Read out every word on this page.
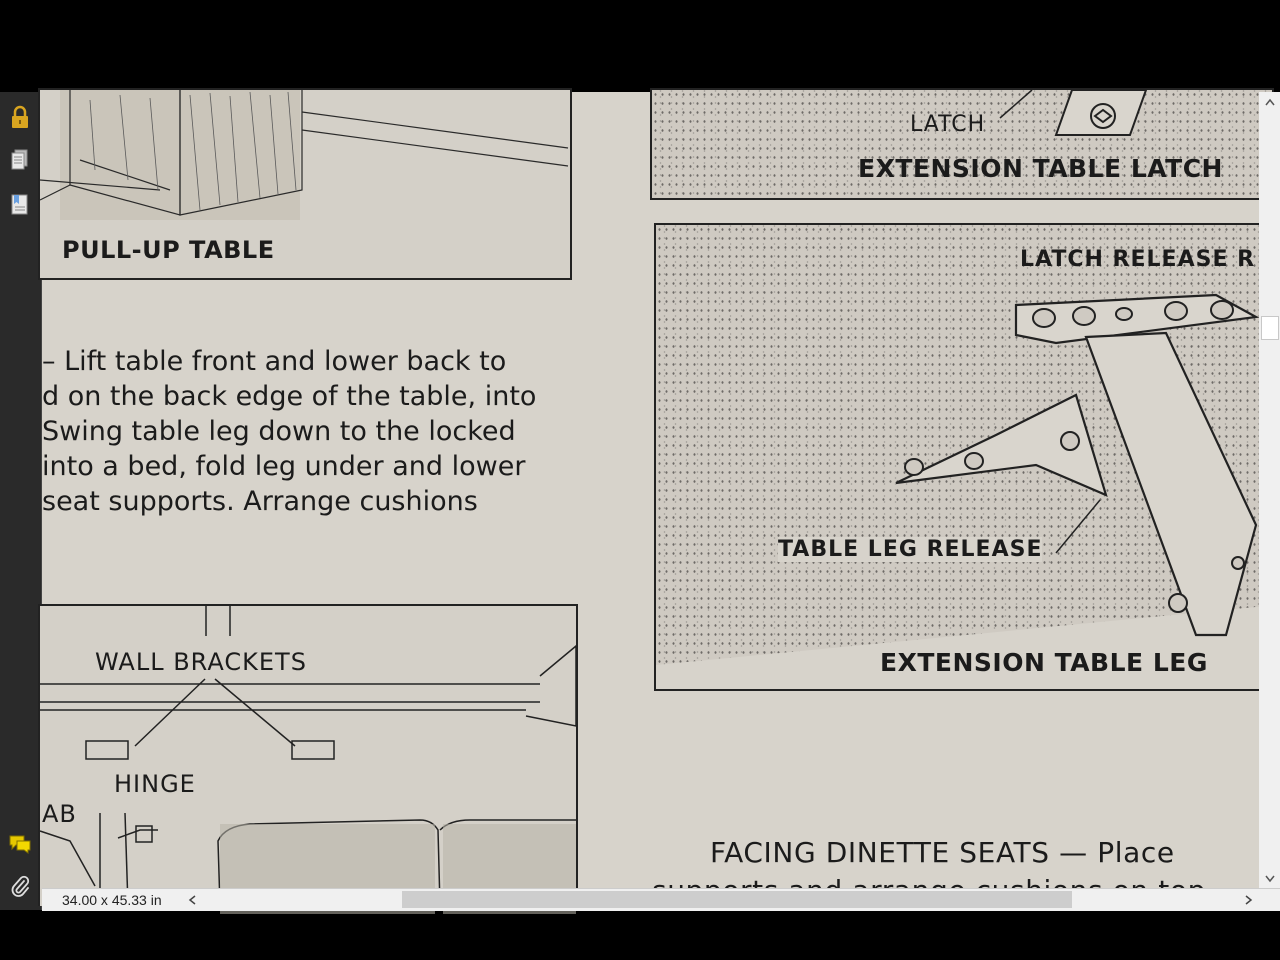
PULL-UP TABLE
– Lift table front and lower back to
d on the back edge of the table, into
Swing table leg down to the locked
into a bed, fold leg under and lower
seat supports. Arrange cushions
WALL BRACKETS
HINGE
AB
LATCH
EXTENSION TABLE LATCH
LATCH RELEASE R
TABLE LEG RELEASE
EXTENSION TABLE LEG
FACING DINETTE SEATS — Place
34.00 x 45.33 in
